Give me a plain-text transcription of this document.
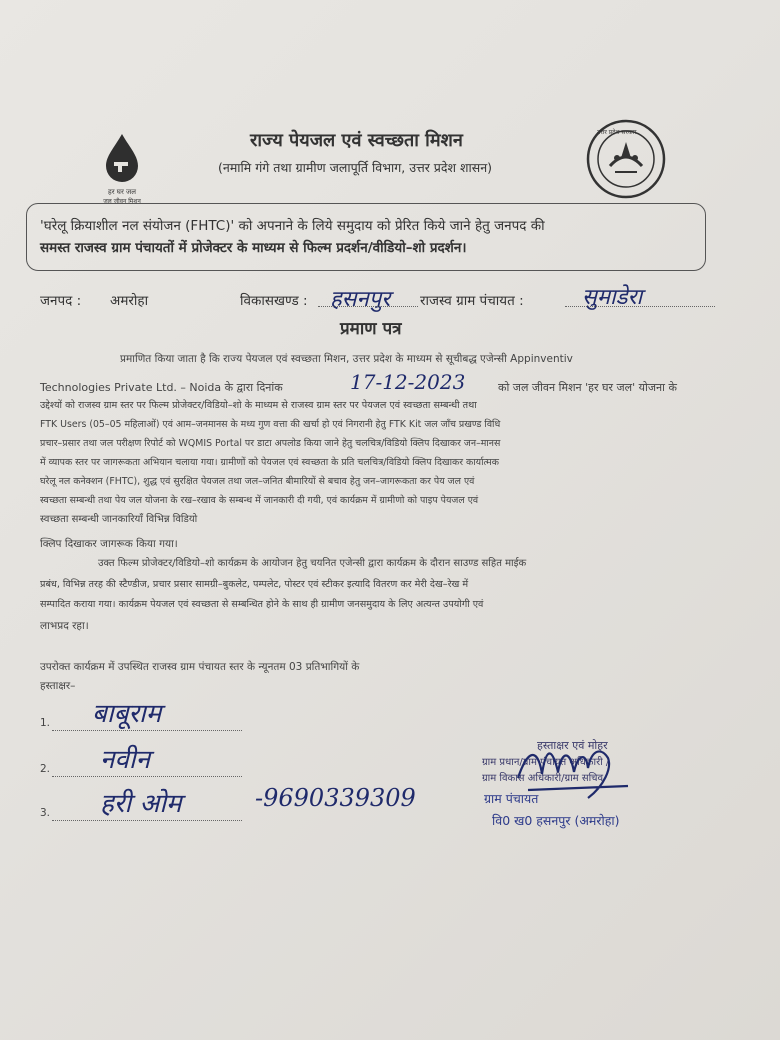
हर घर जल
जल जीवन मिशन
उत्तर प्रदेश सरकार
राज्य पेयजल एवं स्वच्छता मिशन
(नमामि गंगे तथा ग्रामीण जलापूर्ति विभाग, उत्तर प्रदेश शासन)
'घरेलू क्रियाशील नल संयोजन (FHTC)' को अपनाने के लिये समुदाय को प्रेरित किये जाने हेतु जनपद की
समस्त राजस्व ग्राम पंचायतों में प्रोजेक्टर के माध्यम से फिल्म प्रदर्शन/वीडियो–शो प्रदर्शन।
जनपद : अमरोहा	विकासखण्ड : हसनपुर राजस्व ग्राम पंचायत :	सुमाडेरा
प्रमाण पत्र
प्रमाणित किया जाता है कि राज्य पेयजल एवं स्वच्छता मिशन, उत्तर प्रदेश के माध्यम से सूचीबद्ध एजेन्सी Appinventiv
Technologies Private Ltd. – Noida के द्वारा दिनांक	17-12-2023	को जल जीवन मिशन 'हर घर जल' योजना के
उद्देश्यों को राजस्व ग्राम स्तर पर फिल्म प्रोजेक्टर/विडियो–शो के माध्यम से राजस्व ग्राम स्तर पर पेयजल एवं स्वच्छता सम्बन्धी तथा
FTK Users (05–05 महिलाओं) एवं आम–जनमानस के मध्य गुण वत्ता की खर्चा हो एवं निगरानी हेतु FTK Kit जल जाँच प्रखण्ड विधि
प्रचार–प्रसार तथा जल परीक्षण रिपोर्ट को WQMIS Portal पर डाटा अपलोड किया जाने हेतु चलचित्र/विडियो क्लिप दिखाकर जन–मानस
में व्यापक स्तर पर जागरूकता अभियान चलाया गया। ग्रामीणों को पेयजल एवं स्वच्छता के प्रति चलचित्र/विडियो क्लिप दिखाकर कार्यात्मक
घरेलू नल कनेक्शन (FHTC), शुद्ध एवं सुरक्षित पेयजल तथा जल–जनित बीमारियों से बचाव हेतु जन–जागरूकता कर पेय जल एवं
स्वच्छता सम्बन्धी तथा पेय जल योजना के रख–रखाव के सम्बन्ध में जानकारी दी गयी, एवं कार्यक्रम में ग्रामीणो को पाइप पेयजल एवं
स्वच्छता सम्बन्धी जानकारियाँ विभिन्न विडियो
क्लिप दिखाकर जागरूक किया गया।
उक्त फिल्म प्रोजेक्टर/विडियो–शो कार्यक्रम के आयोजन हेतु चयनित एजेन्सी द्वारा कार्यक्रम के दौरान साउण्ड सहित माईक
प्रबंध, विभिन्न तरह की स्टैण्डीज, प्रचार प्रसार सामग्री–बुकलेट, पम्पलेट, पोस्टर एवं स्टीकर इत्यादि वितरण कर मेरी देख–रेख में
सम्पादित कराया गया। कार्यक्रम पेयजल एवं स्वच्छता से सम्बन्धित होने के साथ ही ग्रामीण जनसमुदाय के लिए अत्यन्त उपयोगी एवं
लाभप्रद रहा।
उपरोक्त कार्यक्रम में उपस्थित राजस्व ग्राम पंचायत स्तर के न्यूनतम 03 प्रतिभागियों के
हस्ताक्षर–
1. बाबूराम
2. नवीन
3. हरी ओम	-9690339309
हस्ताक्षर एवं मोहर
ग्राम प्रधान/ग्राम पंचायत अधिकारी /
ग्राम विकास अधिकारी/ग्राम सचिव
ग्राम पंचायत
वि0 ख0 हसनपुर (अमरोहा)
